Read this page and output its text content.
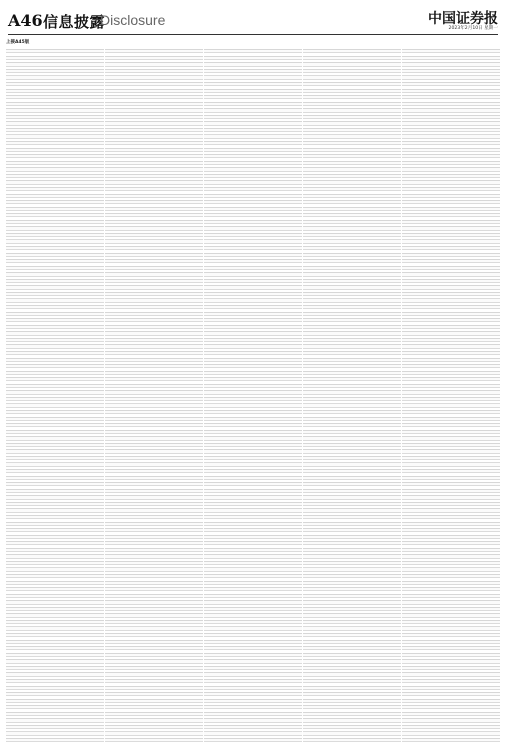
A46 信息披露
Disclosure	中国证券报
2023年2月10日 星期一
上接A45版
